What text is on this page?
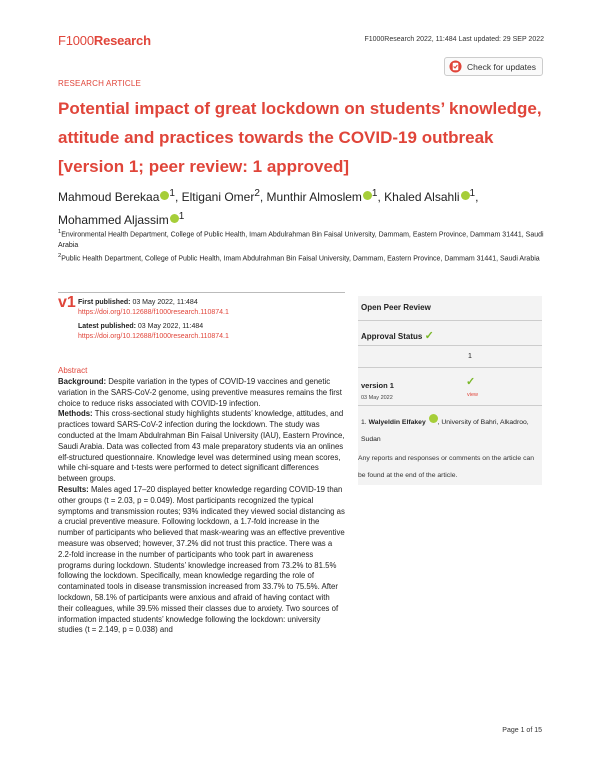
F1000Research	F1000Research 2022, 11:484 Last updated: 29 SEP 2022
RESEARCH ARTICLE
Check for updates
Potential impact of great lockdown on students’ knowledge,
attitude and practices towards the COVID-19 outbreak
[version 1; peer review: 1 approved]
Mahmoud Berekaa $^1$, Eltigani Omer$^2$, Munthir Almoslem $^1$, Khaled Alsahli $^1$,
Mohammed Aljassim $^1$
$^1$Environmental Health Department, College of Public Health, Imam Abdulrahman Bin Faisal University, Dammam, Eastern Province, Dammam 31441, Saudi Arabia
$^2$Public Health Department, College of Public Health, Imam Abdulrahman Bin Faisal University, Dammam, Eastern Province, Dammam 31441, Saudi Arabia
v1 First published: 03 May 2022, 11:484
https://doi.org/10.12688/f1000research.110874.1
Latest published: 03 May 2022, 11:484
https://doi.org/10.12688/f1000research.110874.1
Abstract

Background: Despite variation in the types of COVID-19 vaccines and genetic variation in the SARS-CoV-2 genome, using preventive measures remains the first choice to reduce risks associated with COVID-19 infection.

Methods: This cross-sectional study highlights students’ knowledge, attitudes, and practices toward SARS-CoV-2 infection during the lockdown. The study was conducted at the Imam Abdulrahman Bin Faisal University (IAU), Eastern Province, Saudi Arabia. Data was collected from 43 male preparatory students via an onlines elf-structured questionnaire. Knowledge level was determined using mean scores, while chi-square and t-tests were performed to detect significant differences between groups.

Results: Males aged 17–20 displayed better knowledge regarding COVID-19 than other groups (t = 2.03, p = 0.049). Most participants recognized the typical symptoms and transmission routes; 93% indicated they viewed social distancing as a crucial preventive measure. Following lockdown, a 1.7-fold increase in the number of participants who believed that mask-wearing was an effective preventive measure was observed; however, 37.2% did not trust this practice. There was a 2.2-fold increase in the number of participants who took part in awareness programs during lockdown. Students’ knowledge increased from 73.2% to 81.5% following the lockdown. Specifically, mean knowledge regarding the role of contaminated tools in disease transmission increased from 33.7% to 75.5%. After lockdown, 58.1% of participants were anxious and afraid of having contact with their colleagues, while 39.5% missed their classes due to anxiety. Two sources of information impacted students’ knowledge following the lockdown: university studies (t = 2.149, p = 0.038) and

Open Peer Review
Approval Status ✓
1
version 1
03 May 2022
✓
view
1. Walyeldin Elfakey , University of Bahri, Alkadroo, Sudan
Any reports and responses or comments on the article can be found at the end of the article.
Page 1 of 15
